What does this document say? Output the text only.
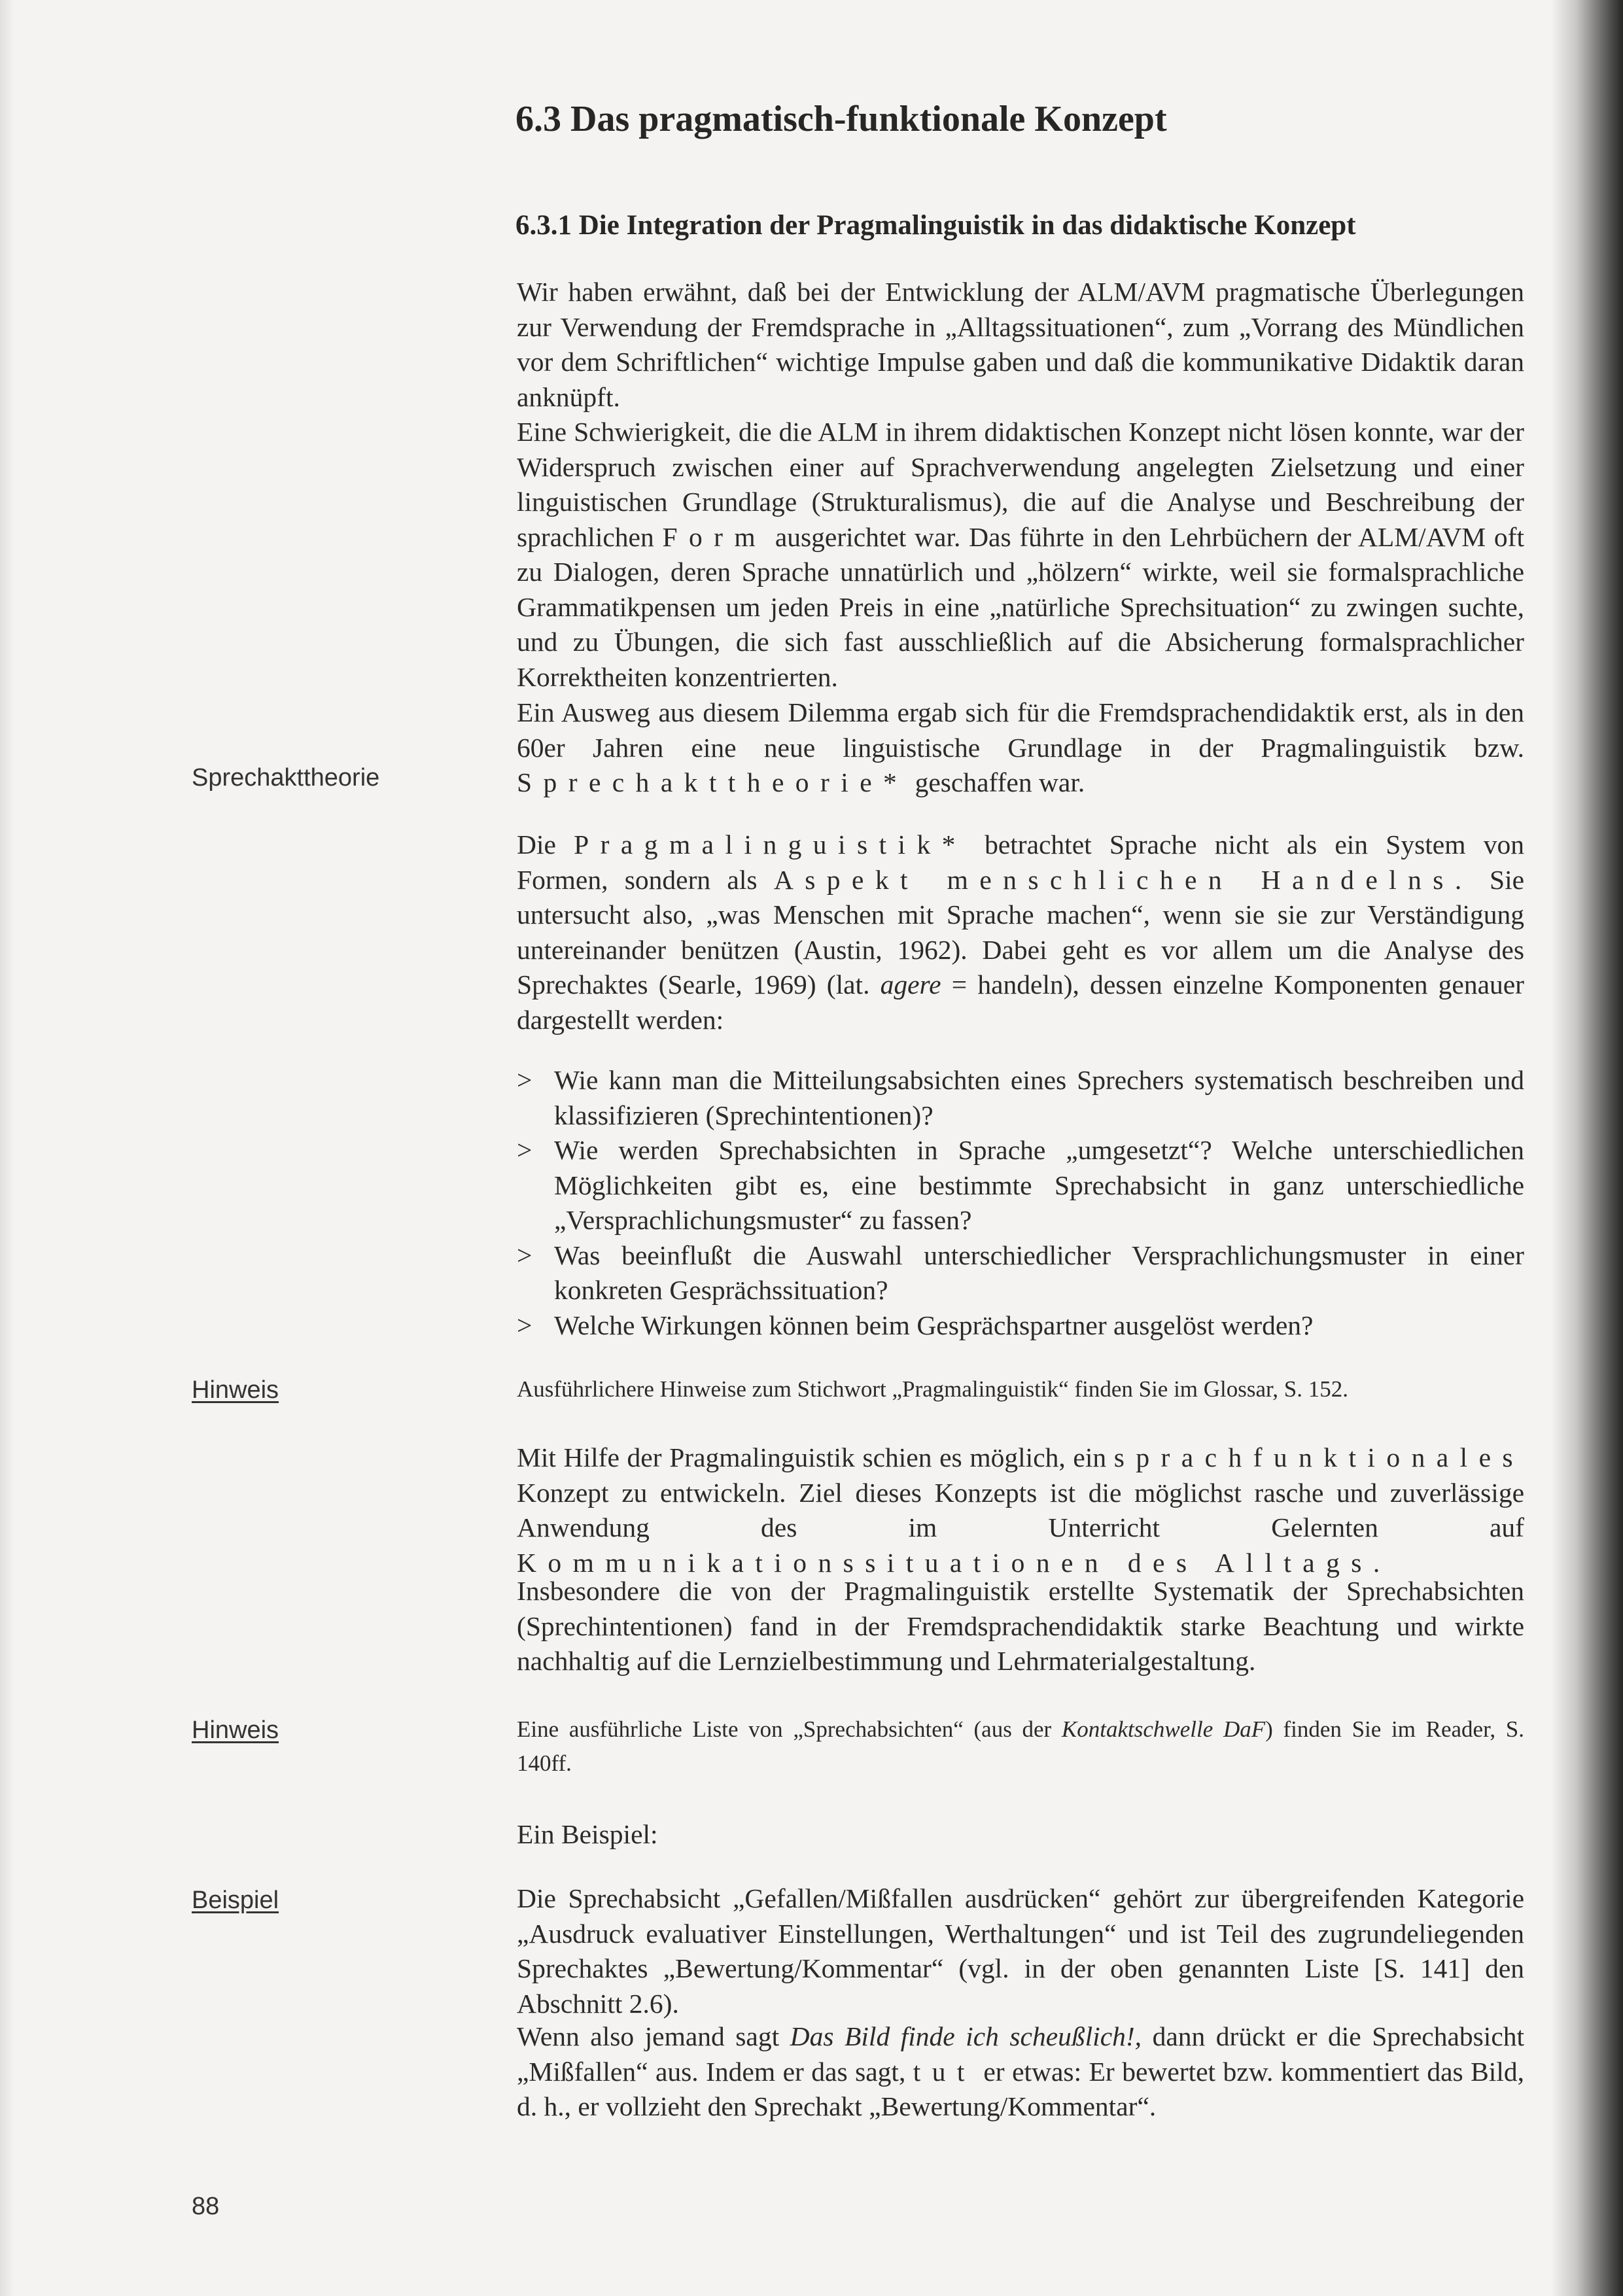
6.3 Das pragmatisch-funktionale Konzept
6.3.1 Die Integration der Pragmalinguistik in das didaktische Konzept

Wir haben erwähnt, daß bei der Entwicklung der ALM/AVM pragmatische Überlegungen zur Verwendung der Fremdsprache in „Alltagssituationen“, zum „Vorrang des Mündlichen vor dem Schriftlichen“ wichtige Impulse gaben und daß die kommunikative Didaktik daran anknüpft.

Eine Schwierigkeit, die die ALM in ihrem didaktischen Konzept nicht lösen konnte, war der Widerspruch zwischen einer auf Sprachverwendung angelegten Zielsetzung und einer linguistischen Grundlage (Strukturalismus), die auf die Analyse und Beschreibung der sprachlichen Form ausgerichtet war. Das führte in den Lehrbüchern der ALM/AVM oft zu Dialogen, deren Sprache unnatürlich und „hölzern“ wirkte, weil sie formalsprachliche Grammatikpensen um jeden Preis in eine „natürliche Sprechsituation“ zu zwingen suchte, und zu Übungen, die sich fast ausschließlich auf die Absicherung formalsprachlicher Korrektheiten konzentrierten.

Ein Ausweg aus diesem Dilemma ergab sich für die Fremdsprachendidaktik erst, als in den 60er Jahren eine neue linguistische Grundlage in der Pragmalinguistik bzw. Sprechakttheorie* geschaffen war.

Sprechakttheorie

Die Pragmalinguistik* betrachtet Sprache nicht als ein System von Formen, sondern als Aspekt menschlichen Handelns. Sie untersucht also, „was Menschen mit Sprache machen“, wenn sie sie zur Verständigung untereinander benützen (Austin, 1962). Dabei geht es vor allem um die Analyse des Sprechaktes (Searle, 1969) (lat. agere = handeln), dessen einzelne Komponenten genauer dargestellt werden:

> Wie kann man die Mitteilungsabsichten eines Sprechers systematisch beschreiben und klassifizieren (Sprechintentionen)?
> Wie werden Sprechabsichten in Sprache „umgesetzt“? Welche unterschiedlichen Möglichkeiten gibt es, eine bestimmte Sprechabsicht in ganz unterschiedliche „Versprachlichungsmuster“ zu fassen?
> Was beeinflußt die Auswahl unterschiedlicher Versprachlichungsmuster in einer konkreten Gesprächssituation?
> Welche Wirkungen können beim Gesprächspartner ausgelöst werden?
Hinweis	Ausführlichere Hinweise zum Stichwort „Pragmalinguistik“ finden Sie im Glossar, S. 152.

Mit Hilfe der Pragmalinguistik schien es möglich, ein sprachfunktionales Konzept zu entwickeln. Ziel dieses Konzepts ist die möglichst rasche und zuverlässige Anwendung des im Unterricht Gelernten auf Kommunikationssituationen des Alltags.

Insbesondere die von der Pragmalinguistik erstellte Systematik der Sprechabsichten (Sprechintentionen) fand in der Fremdsprachendidaktik starke Beachtung und wirkte nachhaltig auf die Lernzielbestimmung und Lehrmaterialgestaltung.

Hinweis	Eine ausführliche Liste von „Sprechabsichten“ (aus der Kontaktschwelle DaF) finden Sie im Reader, S. 140ff.

Ein Beispiel:

Beispiel	Die Sprechabsicht „Gefallen/Mißfallen ausdrücken“ gehört zur übergreifenden Kategorie „Ausdruck evaluativer Einstellungen, Werthaltungen“ und ist Teil des zugrundeliegenden Sprechaktes „Bewertung/Kommentar“ (vgl. in der oben genannten Liste [S. 141] den Abschnitt 2.6).

Wenn also jemand sagt Das Bild finde ich scheußlich!, dann drückt er die Sprechabsicht „Mißfallen“ aus. Indem er das sagt, tut er etwas: Er bewertet bzw. kommentiert das Bild, d. h., er vollzieht den Sprechakt „Bewertung/Kommentar“.

88
